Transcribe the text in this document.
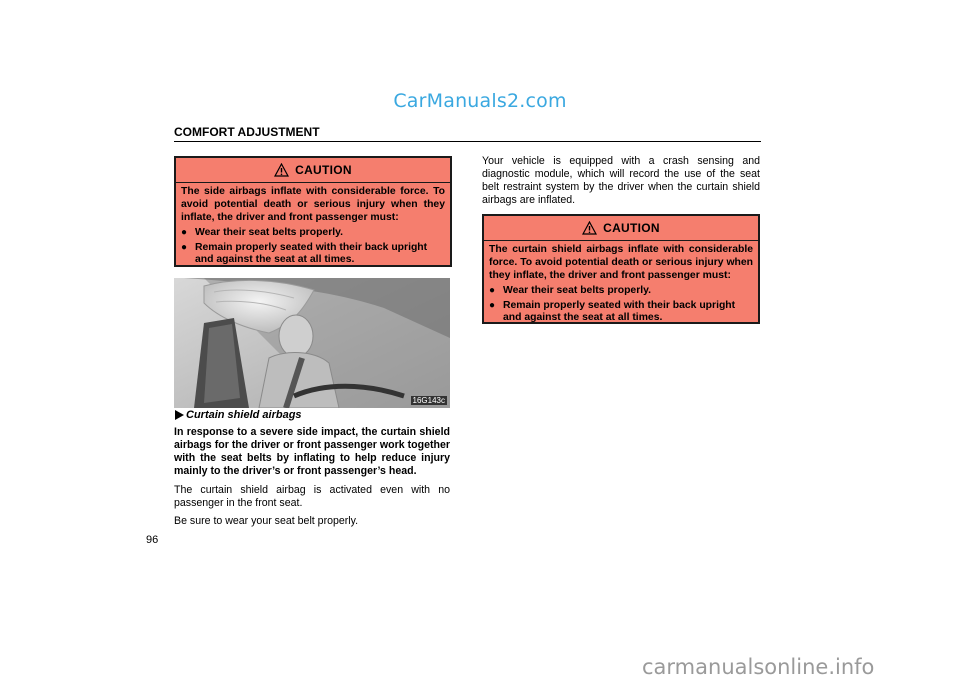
CarManuals2.com
COMFORT ADJUSTMENT
CAUTION

The side airbags inflate with considerable force. To avoid potential death or serious injury when they inflate, the driver and front passenger must:

● Wear their seat belts properly.
● Remain properly seated with their back upright and against the seat at all times.
16G143c
Curtain shield airbags

In response to a severe side impact, the curtain shield airbags for the driver or front passenger work together with the seat belts by inflating to help reduce injury mainly to the driver’s or front passenger’s head.

The curtain shield airbag is activated even with no passenger in the front seat.

Be sure to wear your seat belt properly.

Your vehicle is equipped with a crash sensing and diagnostic module, which will record the use of the seat belt restraint system by the driver when the curtain shield airbags are inflated.
CAUTION

The curtain shield airbags inflate with considerable force. To avoid potential death or serious injury when they inflate, the driver and front passenger must:

● Wear their seat belts properly.
● Remain properly seated with their back upright and against the seat at all times.
96
carmanualsonline.info
